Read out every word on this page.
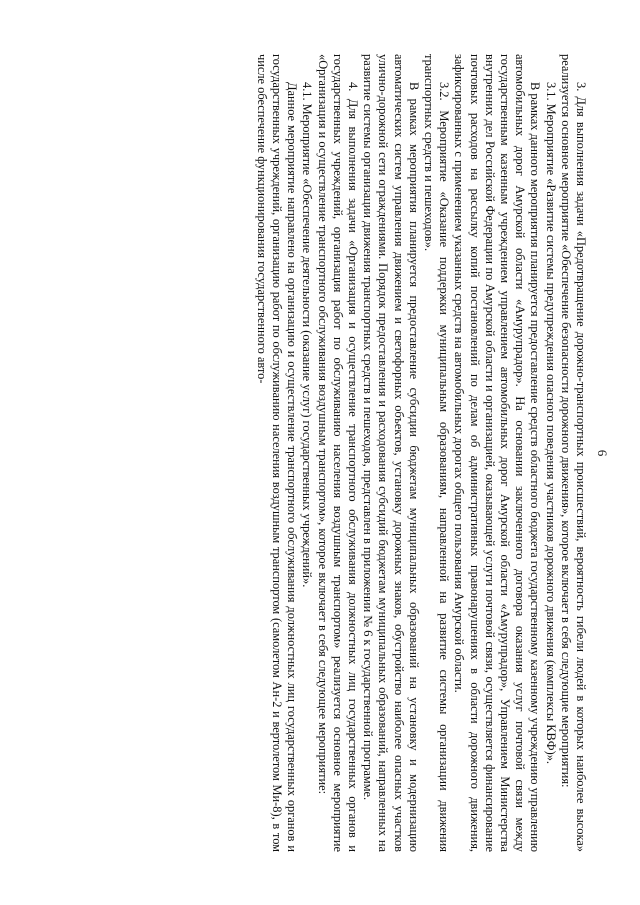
6

3. Для выполнения задачи «Предотвращение дорожно-транспортных происшествий, вероятность гибели людей в которых наиболее высока» реализуется основное мероприятие «Обеспечение безопасности дорожного движения», которое включает в себя следующие мероприятия:

3.1. Мероприятие «Развитие системы предупреждения опасного поведения участников дорожного движения (комплексы КВФ)».

В рамках данного мероприятия планируется предоставление средств областного бюджета государственному казенному учреждению управлению автомобильных дорог Амурской области «Амурупрадор». На основании заключенного договора оказания услуг почтовой связи между государственным казенным учреждением управлением автомобильных дорог Амурской области «Амурупрадор», Управлением Министерства внутренних дел Российской Федерации по Амурской области и организацией, оказывающей услуги почтовой связи, осуществляется финансирование почтовых расходов на рассылку копий постановлений по делам об административных правонарушениях в области дорожного движения, зафиксированных с применением указанных средств на автомобильных дорогах общего пользования Амурской области.

3.2. Мероприятие «Оказание поддержки муниципальным образованиям, направленной на развитие системы организации движения транспортных средств и пешеходов».

В рамках мероприятия планируется предоставление субсидии бюджетам муниципальных образований на установку и модернизацию автоматических систем управления движением и светофорных объектов, установку дорожных знаков, обустройство наиболее опасных участков улично-дорожной сети ограждениями. Порядок предоставления и расходования субсидий бюджетам муниципальных образований, направленных на развитие системы организации движения транспортных средств и пешеходов, представлен в приложении № 6 к государственной программе.

4. Для выполнения задачи «Организация и осуществление транспортного обслуживания должностных лиц государственных органов и государственных учреждений, организация работ по обслуживанию населения воздушным транспортом» реализуется основное мероприятие «Организация и осуществление транспортного обслуживания воздушным транспортом», которое включает в себя следующее мероприятие:

4.1. Мероприятие «Обеспечение деятельности (оказание услуг) государственных учреждений».

Данное мероприятие направлено на организацию и осуществление транспортного обслуживания должностных лиц государственных органов и государственных учреждений, организацию работ по обслуживанию населения воздушным транспортом (самолетом Ан-2 и вертолетом Ми-8), в том числе обеспечение функционирования государственного авто-
